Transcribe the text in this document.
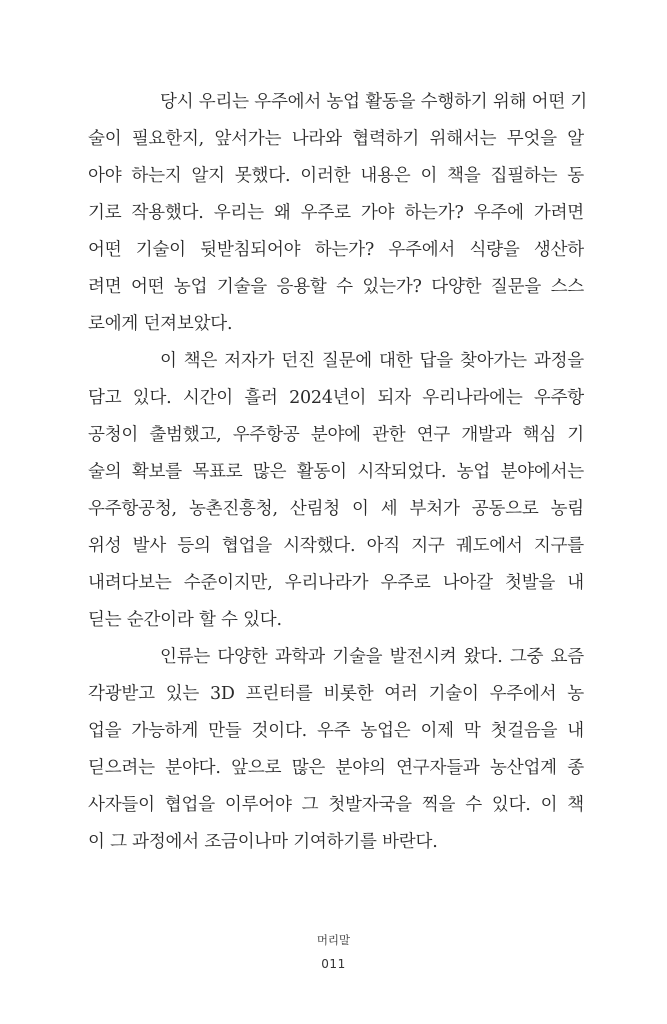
당시 우리는 우주에서 농업 활동을 수행하기 위해 어떤 기
술이 필요한지, 앞서가는 나라와 협력하기 위해서는 무엇을 알
아야 하는지 알지 못했다. 이러한 내용은 이 책을 집필하는 동
기로 작용했다. 우리는 왜 우주로 가야 하는가? 우주에 가려면
어떤 기술이 뒷받침되어야 하는가? 우주에서 식량을 생산하
려면 어떤 농업 기술을 응용할 수 있는가? 다양한 질문을 스스
로에게 던져보았다.

이 책은 저자가 던진 질문에 대한 답을 찾아가는 과정을
담고 있다. 시간이 흘러 2024년이 되자 우리나라에는 우주항
공청이 출범했고, 우주항공 분야에 관한 연구 개발과 핵심 기
술의 확보를 목표로 많은 활동이 시작되었다. 농업 분야에서는
우주항공청, 농촌진흥청, 산림청 이 세 부처가 공동으로 농림
위성 발사 등의 협업을 시작했다. 아직 지구 궤도에서 지구를
내려다보는 수준이지만, 우리나라가 우주로 나아갈 첫발을 내
딛는 순간이라 할 수 있다.

인류는 다양한 과학과 기술을 발전시켜 왔다. 그중 요즘
각광받고 있는 3D 프린터를 비롯한 여러 기술이 우주에서 농
업을 가능하게 만들 것이다. 우주 농업은 이제 막 첫걸음을 내
딛으려는 분야다. 앞으로 많은 분야의 연구자들과 농산업계 종
사자들이 협업을 이루어야 그 첫발자국을 찍을 수 있다. 이 책
이 그 과정에서 조금이나마 기여하기를 바란다.

머리말
011
